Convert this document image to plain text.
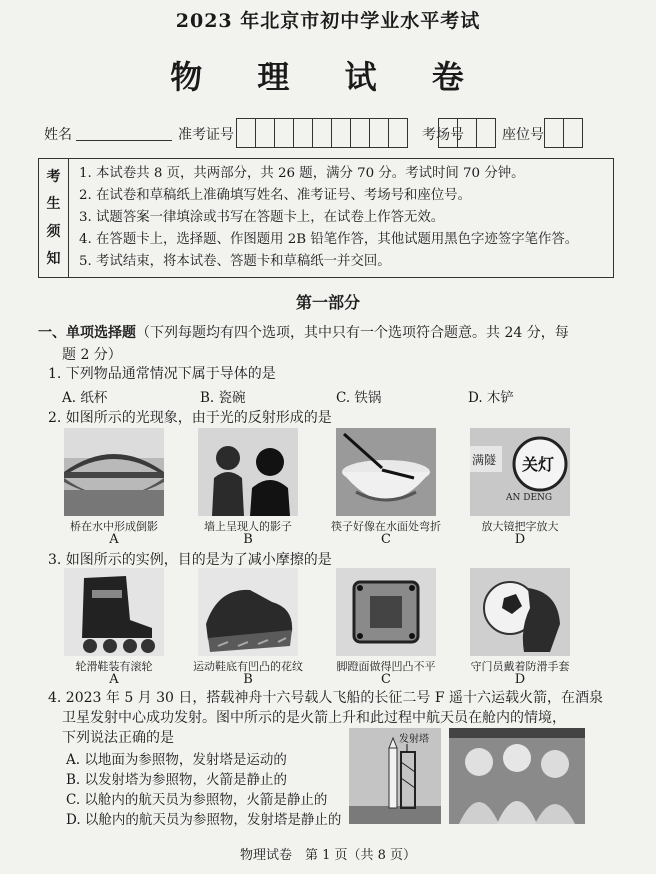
2023 年北京市初中学业水平考试
物 理 试 卷
姓名	准考证号	考场号	座位号
考
生
须
知
1. 本试卷共 8 页，共两部分，共 26 题，满分 70 分。考试时间 70 分钟。
2. 在试卷和草稿纸上准确填写姓名、准考证号、考场号和座位号。
3. 试题答案一律填涂或书写在答题卡上，在试卷上作答无效。
4. 在答题卡上，选择题、作图题用 2B 铅笔作答，其他试题用黑色字迹签字笔作答。
5. 考试结束，将本试卷、答题卡和草稿纸一并交回。
第一部分
一、单项选择题（下列每题均有四个选项，其中只有一个选项符合题意。共 24 分，每
题 2 分）
1. 下列物品通常情况下属于导体的是
A. 纸杯	B. 瓷碗	C. 铁锅	D. 木铲
2. 如图所示的光现象，由于光的反射形成的是
满隧 关灯
AN DENG
桥在水中形成倒影	墙上呈现人的影子	筷子好像在水面处弯折	放大镜把字放大
A	B	C	D
3. 如图所示的实例，目的是为了减小摩擦的是
轮滑鞋装有滚轮	运动鞋底有凹凸的花纹	脚蹬面做得凹凸不平	守门员戴着防滑手套
A	B	C	D
4. 2023 年 5 月 30 日，搭载神舟十六号载人飞船的长征二号 F 遥十六运载火箭，在酒泉
卫星发射中心成功发射。图中所示的是火箭上升和此过程中航天员在舱内的情境，
下列说法正确的是
A. 以地面为参照物，发射塔是运动的
B. 以发射塔为参照物，火箭是静止的
C. 以舱内的航天员为参照物，火箭是静止的
D. 以舱内的航天员为参照物，发射塔是静止的
发射塔
物理试卷　第 1 页（共 8 页）
